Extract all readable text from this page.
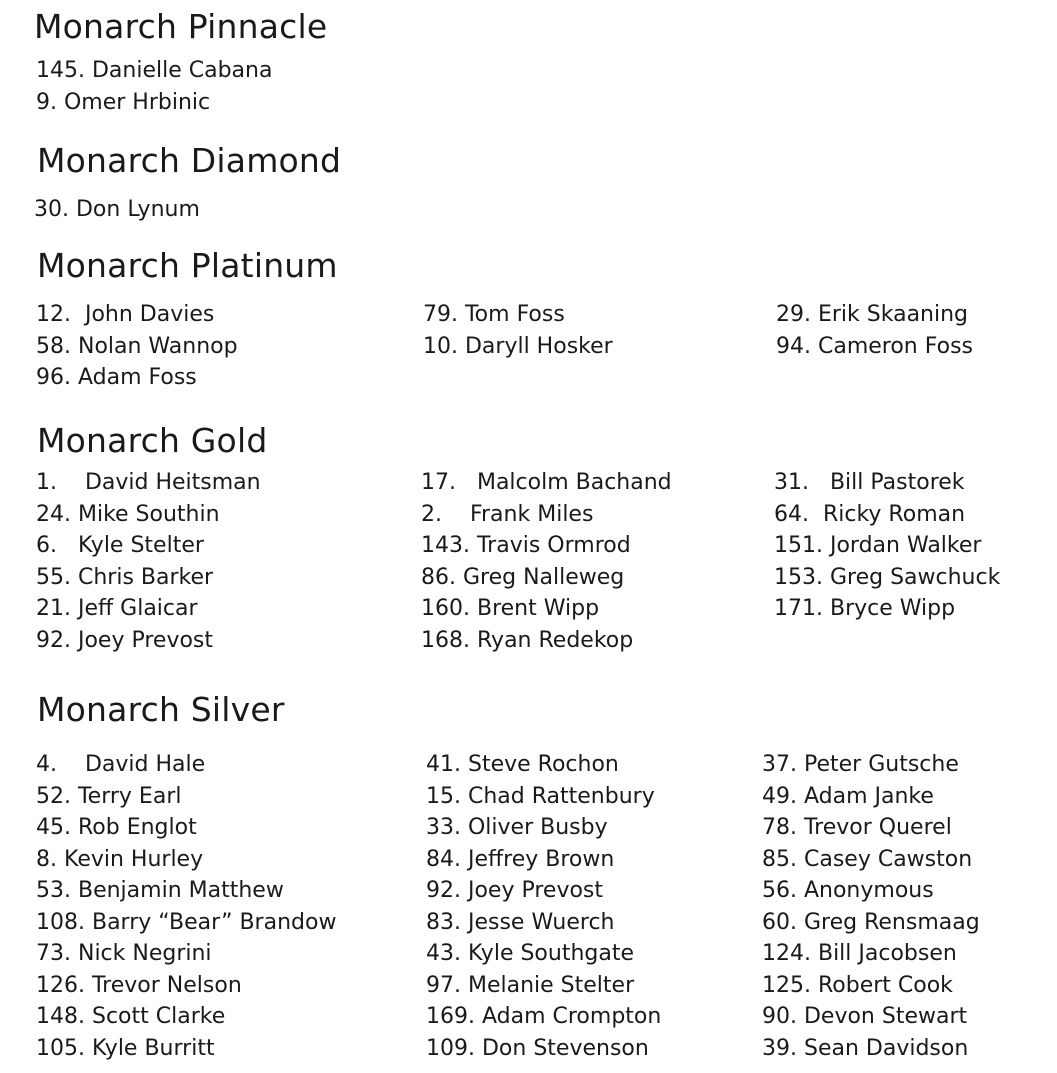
Monarch Pinnacle
145. Danielle Cabana
9. Omer Hrbinic
Monarch Diamond
30. Don Lynum
Monarch Platinum
12.  John Davies
58. Nolan Wannop
96. Adam Foss
79. Tom Foss
10. Daryll Hosker
29. Erik Skaaning
94. Cameron Foss
Monarch Gold
1.    David Heitsman
24. Mike Southin
6.   Kyle Stelter
55. Chris Barker
21. Jeff Glaicar
92. Joey Prevost
17.   Malcolm Bachand
2.    Frank Miles
143. Travis Ormrod
86. Greg Nalleweg
160. Brent Wipp
168. Ryan Redekop
31.   Bill Pastorek
64.  Ricky Roman
151. Jordan Walker
153. Greg Sawchuck
171. Bryce Wipp
Monarch Silver
4.    David Hale
52. Terry Earl
45. Rob Englot
8. Kevin Hurley
53. Benjamin Matthew
108. Barry “Bear” Brandow
73. Nick Negrini
126. Trevor Nelson
148. Scott Clarke
105. Kyle Burritt
41. Steve Rochon
15. Chad Rattenbury
33. Oliver Busby
84. Jeffrey Brown
92. Joey Prevost
83. Jesse Wuerch
43. Kyle Southgate
97. Melanie Stelter
169. Adam Crompton
109. Don Stevenson
37. Peter Gutsche
49. Adam Janke
78. Trevor Querel
85. Casey Cawston
56. Anonymous
60. Greg Rensmaag
124. Bill Jacobsen
125. Robert Cook
90. Devon Stewart
39. Sean Davidson
